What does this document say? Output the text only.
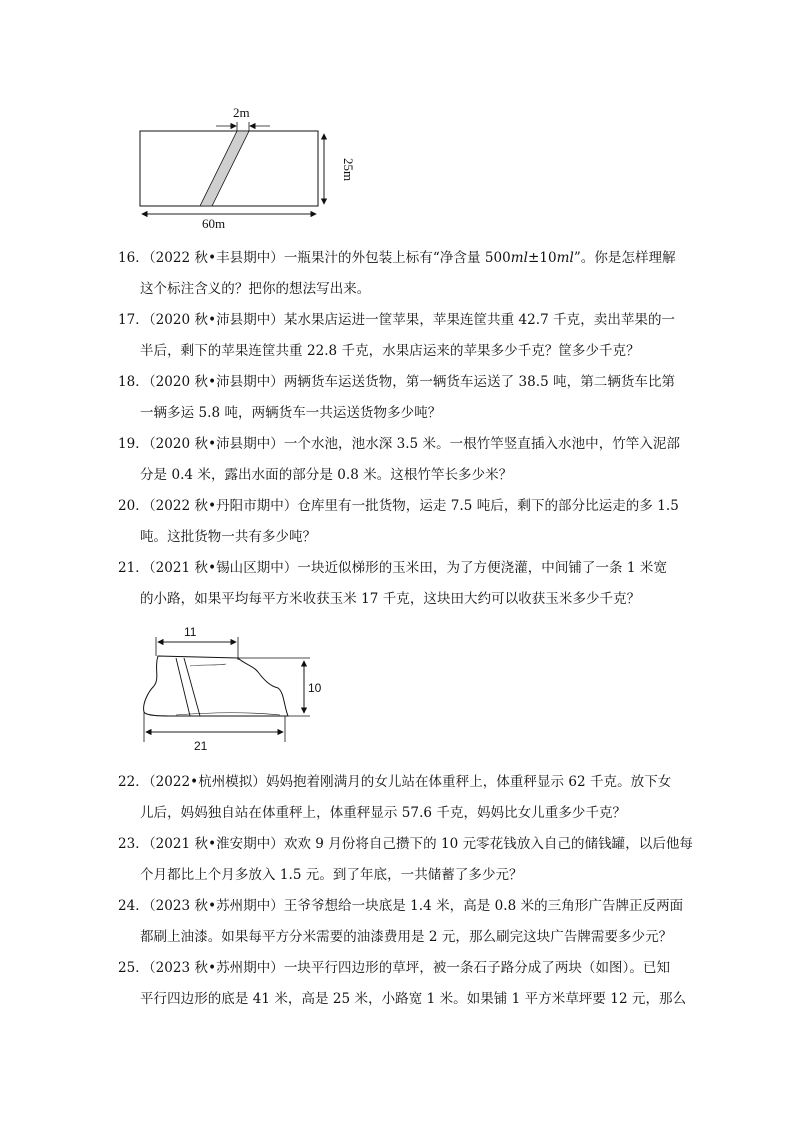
2m
25m
60m
16．（2022 秋•丰县期中）一瓶果汁的外包装上标有“净含量 500ml±10ml”。你是怎样理解
这个标注含义的？把你的想法写出来。
17．（2020 秋•沛县期中）某水果店运进一筐苹果，苹果连筐共重 42.7 千克，卖出苹果的一
半后，剩下的苹果连筐共重 22.8 千克，水果店运来的苹果多少千克？筐多少千克？
18．（2020 秋•沛县期中）两辆货车运送货物，第一辆货车运送了 38.5 吨，第二辆货车比第
一辆多运 5.8 吨，两辆货车一共运送货物多少吨？
19．（2020 秋•沛县期中）一个水池，池水深 3.5 米。一根竹竿竖直插入水池中，竹竿入泥部
分是 0.4 米，露出水面的部分是 0.8 米。这根竹竿长多少米？
20．（2022 秋•丹阳市期中）仓库里有一批货物，运走 7.5 吨后，剩下的部分比运走的多 1.5
吨。这批货物一共有多少吨？
21．（2021 秋•锡山区期中）一块近似梯形的玉米田，为了方便浇灌，中间铺了一条 1 米宽
的小路，如果平均每平方米收获玉米 17 千克，这块田大约可以收获玉米多少千克？
11
10
21
22．（2022•杭州模拟）妈妈抱着刚满月的女儿站在体重秤上，体重秤显示 62 千克。放下女
儿后，妈妈独自站在体重秤上，体重秤显示 57.6 千克，妈妈比女儿重多少千克？
23．（2021 秋•淮安期中）欢欢 9 月份将自己攒下的 10 元零花钱放入自己的储钱罐，以后他每
个月都比上个月多放入 1.5 元。到了年底，一共储蓄了多少元？
24．（2023 秋•苏州期中）王爷爷想给一块底是 1.4 米，高是 0.8 米的三角形广告牌正反两面
都刷上油漆。如果每平方分米需要的油漆费用是 2 元，那么刷完这块广告牌需要多少元？
25．（2023 秋•苏州期中）一块平行四边形的草坪，被一条石子路分成了两块（如图）。已知
平行四边形的底是 41 米，高是 25 米，小路宽 1 米。如果铺 1 平方米草坪要 12 元，那么
